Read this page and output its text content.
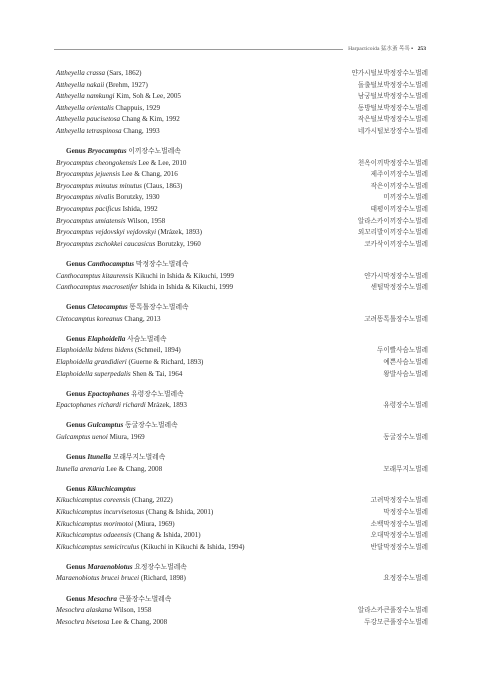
Harpacticoida 猛水蚤 목록 ▪ 253
Attheyella crassa (Sars, 1862)	얀가시털보박정장수노벌레
Attheyella nakaii (Brehm, 1927)	돌출털보박정장수노벌레
Attheyella namkungi Kim, Soh & Lee, 2005	남궁털보박정장수노벌레
Attheyella orientalis Chappuis, 1929	동방털보박정장수노벌레
Attheyella paucisetosa Chang & Kim, 1992	작은털보박정장수노벌레
Attheyella tetraspinosa Chang, 1993	네가시털보장장수노벌레
Genus Bryocamptus 이끼장수노벌레속
Bryocamptus cheongokensis Lee & Lee, 2010	천옥이끼박정장수노벌레
Bryocamptus jejuensis Lee & Chang, 2016	제주이끼장수노벌레
Bryocamptus minutus minutus (Claus, 1863)	작은이끼장수노벌레
Bryocamptus nivalis Borutzky, 1930	미끼장수노벌레
Bryocamptus pacificus Ishida, 1992	태평이끼장수노벌레
Bryocamptus umiatensis Wilson, 1958	알라스카이끼장수노벌레
Bryocamptus vejdovskyi vejdovskyi (Mrázek, 1893)	외꼬리발이끼장수노벌레
Bryocamptus zschokkei caucasicus Borutzky, 1960	코카삭이끼장수노벌레
Genus Canthocamptus 막정장수노벌레속
Canthocamptus kitaurensis Kikuchi in Ishida & Kikuchi, 1999	얀가시막정장수노벌레
Canthocamptus macrosetifer Ishida in Ishida & Kikuchi, 1999	센털막정장수노벌레
Genus Cletocamptus 똥톡톨장수노벌레속
Cletocamptus koreanus Chang, 2013	고려똥톡톨장수노벌레
Genus Elaphoidella 사슴노벌레속
Elaphoidella bidens bidens (Schmeil, 1894)	두이빨사슴노벌레
Elaphoidella grandidieri (Guerne & Richard, 1893)	예쁜사슴노벌레
Elaphoidella superpedalis Shen & Tai, 1964	왕발사슴노벌레
Genus Epactophanes 유령장수노벌레속
Epactophanes richardi richardi Mrázek, 1893	유령장수노벌레
Genus Gulcamptus 동굴장수노벌레속
Gulcamptus uenoi Miura, 1969	동굴장수노벌레
Genus Itunella 모래무지노벌레속
Itunella arenaria Lee & Chang, 2008	모래무지노벌레
Genus Kikuchicamptus
Kikuchicamptus coreensis (Chang, 2022)	고려막정장수노벌레
Kikuchicamptus incurvisetosus (Chang & Ishida, 2001)	막정장수노벌레
Kikuchicamptus morimotoi (Miura, 1969)	소백막정장수노벌레
Kikuchicamptus odaeensis (Chang & Ishida, 2001)	오대막정장수노벌레
Kikuchicamptus semicirculus (Kikuchi in Kikuchi & Ishida, 1994)	반달막정장수노벌레
Genus Maraenobiotus 요정장수노벌레속
Maraenobiotus brucei brucei (Richard, 1898)	요정장수노벌레
Genus Mesochra 큰풀장수노벌레속
Mesochra alaskana Wilson, 1958	알라스카큰풀장수노벌레
Mesochra bisetosa Lee & Chang, 2008	두강모큰풀장수노벌레
